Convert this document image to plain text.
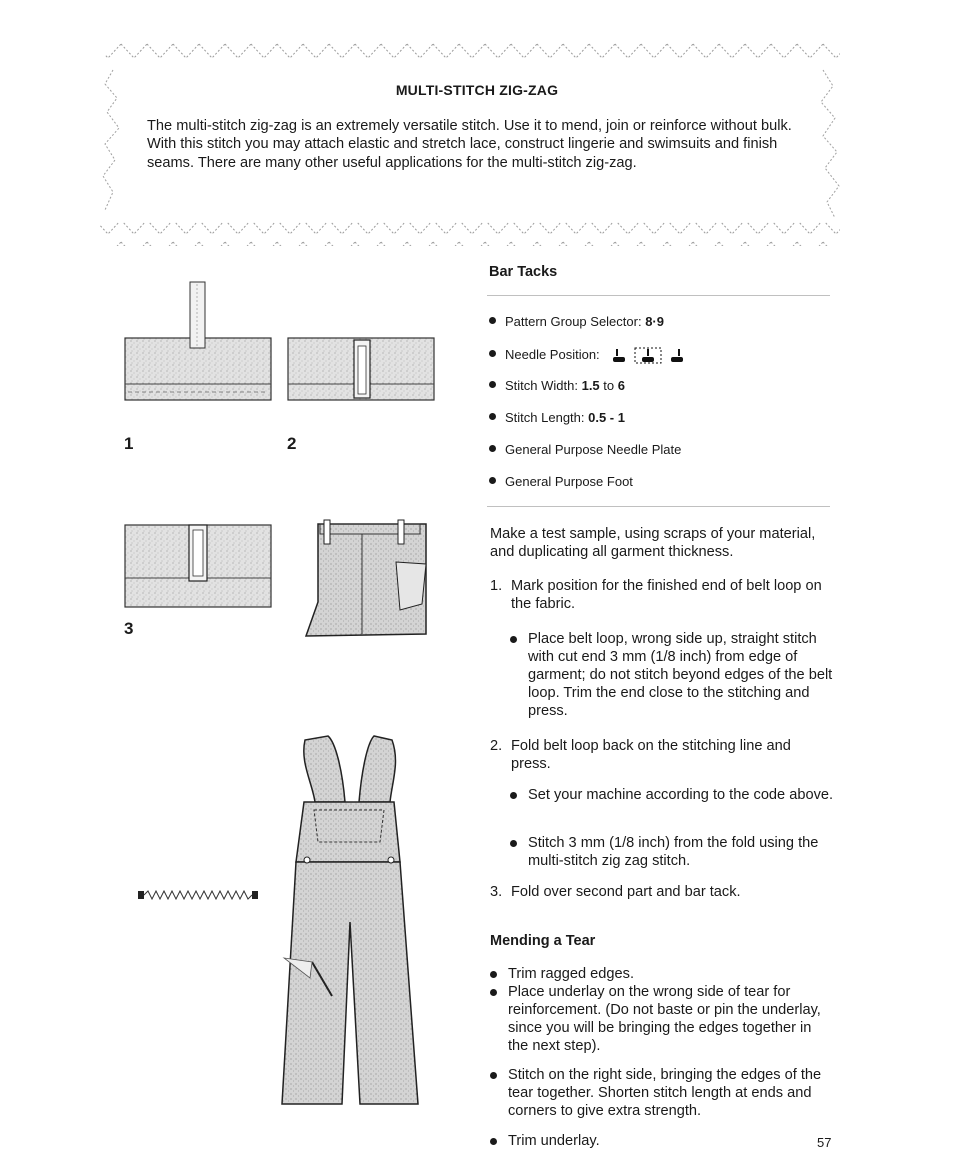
MULTI-STITCH ZIG-ZAG
The multi-stitch zig-zag is an extremely versatile stitch. Use it to mend, join or reinforce without bulk. With this stitch you may attach elastic and stretch lace, construct lingerie and swimsuits and finish seams. There are many other useful applications for the multi-stitch zig-zag.
1	2
3
Bar Tacks
Pattern Group Selector: 8·9
Needle Position:
Stitch Width: 1.5 to 6
Stitch Length: 0.5 - 1
General Purpose Needle Plate
General Purpose Foot
Make a test sample, using scraps of your material, and duplicating all garment thickness.
1. Mark position for the finished end of belt loop on the fabric.
Place belt loop, wrong side up, straight stitch with cut end 3 mm (1/8 inch) from edge of garment; do not stitch beyond edges of the belt loop. Trim the end close to the stitching and press.
2. Fold belt loop back on the stitching line and press.
Set your machine according to the code above.
Stitch 3 mm (1/8 inch) from the fold using the multi-stitch zig zag stitch.
3. Fold over second part and bar tack.
Mending a Tear
Trim ragged edges.
Place underlay on the wrong side of tear for reinforcement. (Do not baste or pin the underlay, since you will be bringing the edges together in the next step).
Stitch on the right side, bringing the edges of the tear together. Shorten stitch length at ends and corners to give extra strength.
Trim underlay.	57
